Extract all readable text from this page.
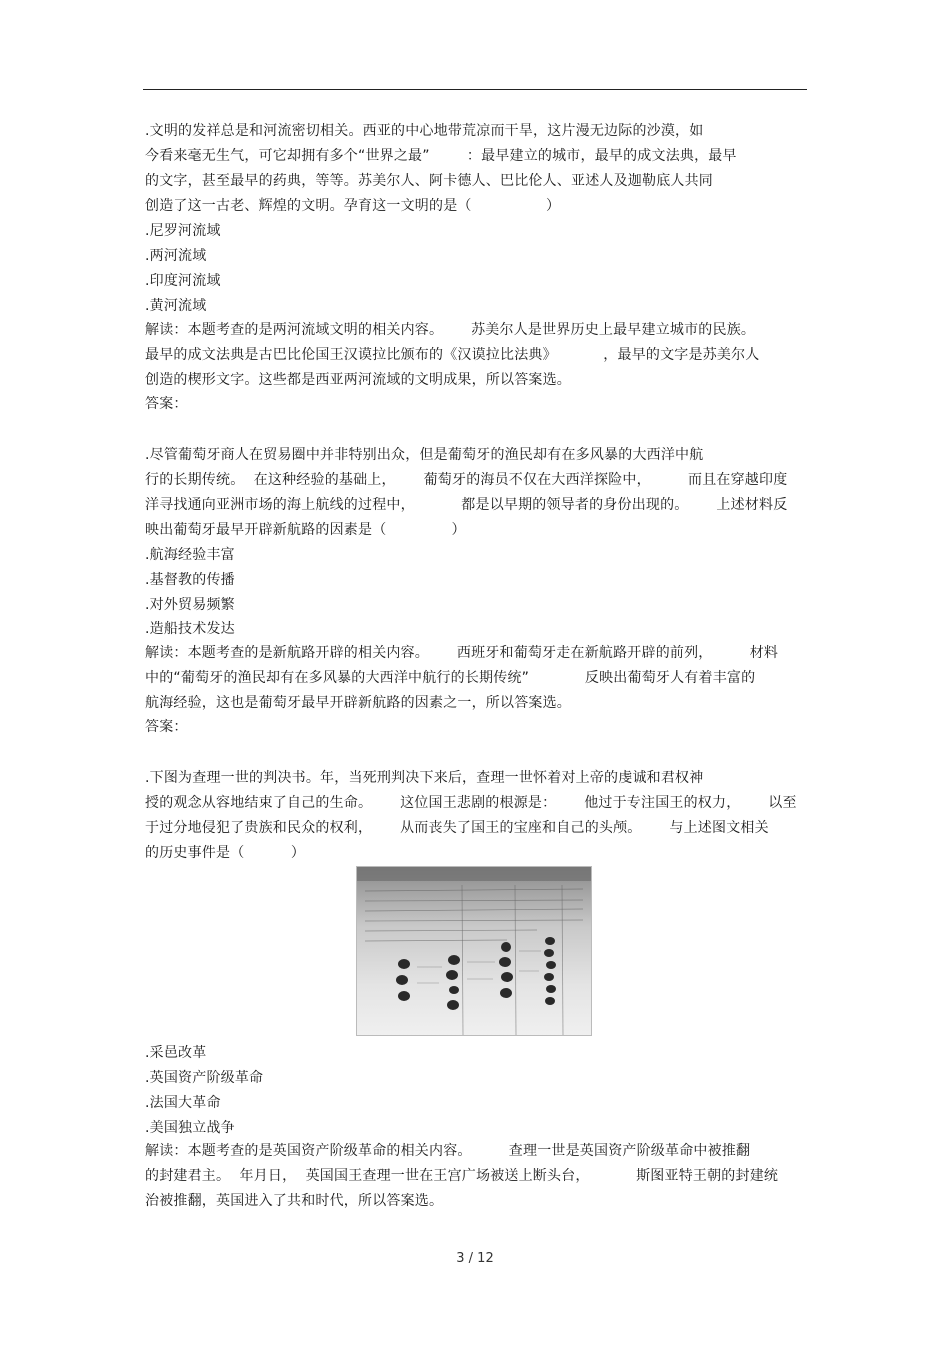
.文明的发祥总是和河流密切相关。西亚的中心地带荒凉而干旱，这片漫无边际的沙漠，如
今看来毫无生气，可它却拥有多个“世界之最”        ：最早建立的城市，最早的成文法典，最早
的文字，甚至最早的药典，等等。苏美尔人、阿卡德人、巴比伦人、亚述人及迦勒底人共同
创造了这一古老、辉煌的文明。孕育这一文明的是（                ）
.尼罗河流域
.两河流域
.印度河流域
.黄河流域
解读：本题考查的是两河流域文明的相关内容。      苏美尔人是世界历史上最早建立城市的民族。
最早的成文法典是古巴比伦国王汉谟拉比颁布的《汉谟拉比法典》          ，最早的文字是苏美尔人
创造的楔形文字。这些都是西亚两河流域的文明成果，所以答案选。
答案：
.尽管葡萄牙商人在贸易圈中并非特别出众，但是葡萄牙的渔民却有在多风暴的大西洋中航
行的长期传统。  在这种经验的基础上，      葡萄牙的海员不仅在大西洋探险中，        而且在穿越印度
洋寻找通向亚洲市场的海上航线的过程中，          都是以早期的领导者的身份出现的。      上述材料反
映出葡萄牙最早开辟新航路的因素是（              ）
.航海经验丰富
.基督教的传播
.对外贸易频繁
.造船技术发达
解读：本题考查的是新航路开辟的相关内容。      西班牙和葡萄牙走在新航路开辟的前列，        材料
中的“葡萄牙的渔民却有在多风暴的大西洋中航行的长期传统”            反映出葡萄牙人有着丰富的
航海经验，这也是葡萄牙最早开辟新航路的因素之一，所以答案选。
答案：
.下图为查理一世的判决书。年，当死刑判决下来后，查理一世怀着对上帝的虔诚和君权神
授的观念从容地结束了自己的生命。      这位国王悲剧的根源是：      他过于专注国王的权力，      以至
于过分地侵犯了贵族和民众的权利，      从而丧失了国王的宝座和自己的头颅。      与上述图文相关
的历史事件是（          ）
.采邑改革
.英国资产阶级革命
.法国大革命
.美国独立战争
解读：本题考查的是英国资产阶级革命的相关内容。        查理一世是英国资产阶级革命中被推翻
的封建君主。  年月日，  英国国王查理一世在王宫广场被送上断头台，          斯图亚特王朝的封建统
治被推翻，英国进入了共和时代，所以答案选。
3 / 12
